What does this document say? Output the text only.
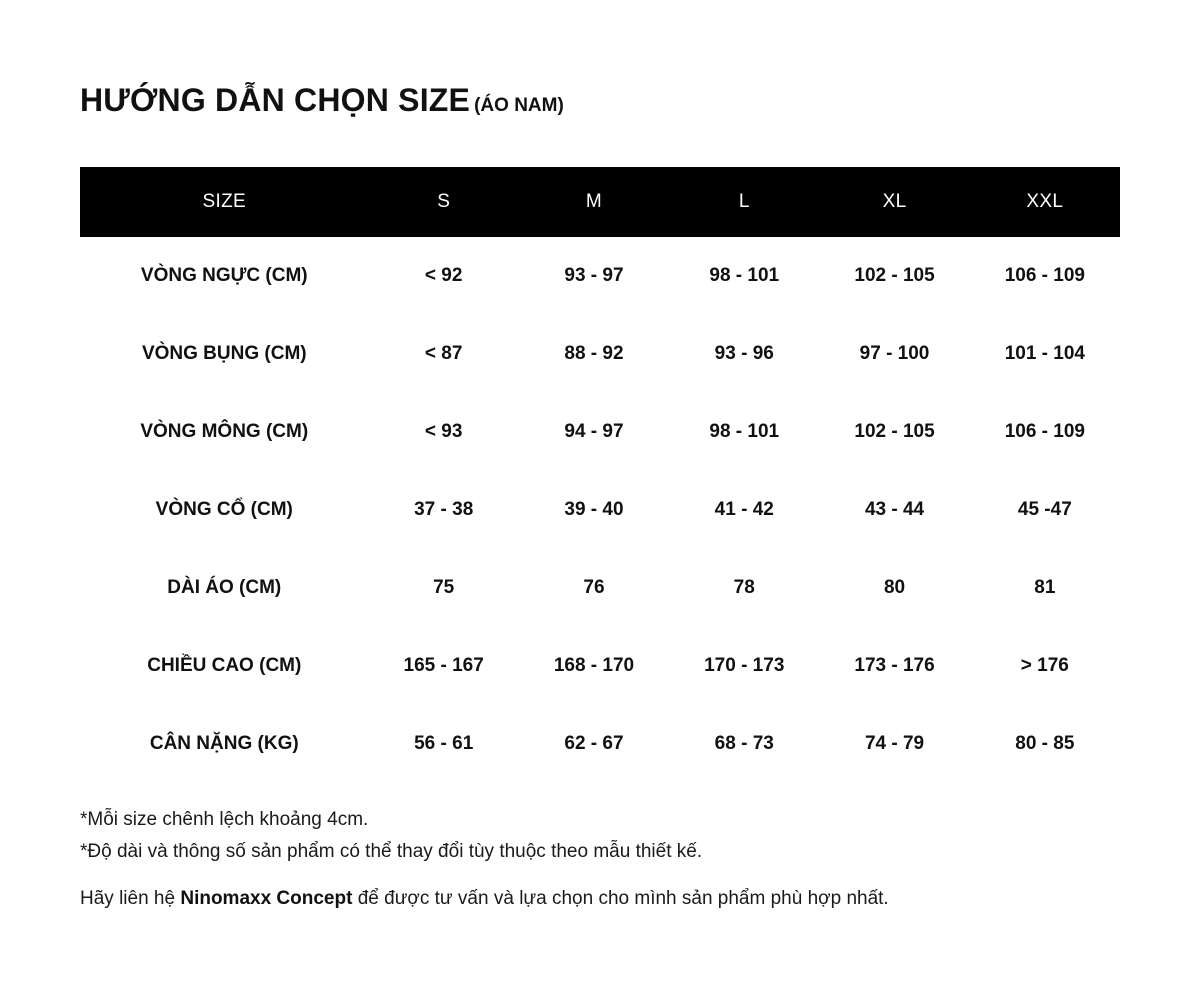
HƯỚNG DẪN CHỌN SIZE (ÁO NAM)
SIZE	S	M	L	XL	XXL
VÒNG NGỰC (CM)	< 92	93 - 97	98 - 101	102 - 105	106 - 109
VÒNG BỤNG (CM)	< 87	88 - 92	93 - 96	97 - 100	101 - 104
VÒNG MÔNG (CM)	< 93	94 - 97	98 - 101	102 - 105	106 - 109
VÒNG CỔ (CM)	37 - 38	39 - 40	41 - 42	43 - 44	45 -47
DÀI ÁO (CM)	75	76	78	80	81
CHIỀU CAO (CM)	165 - 167	168 - 170	170 - 173	173 - 176	> 176
CÂN NẶNG (KG)	56 - 61	62 - 67	68 - 73	74 - 79	80 - 85

*Mỗi size chênh lệch khoảng 4cm.

*Độ dài và thông số sản phẩm có thể thay đổi tùy thuộc theo mẫu thiết kế.

Hãy liên hệ Ninomaxx Concept để được tư vấn và lựa chọn cho mình sản phẩm phù hợp nhất.
